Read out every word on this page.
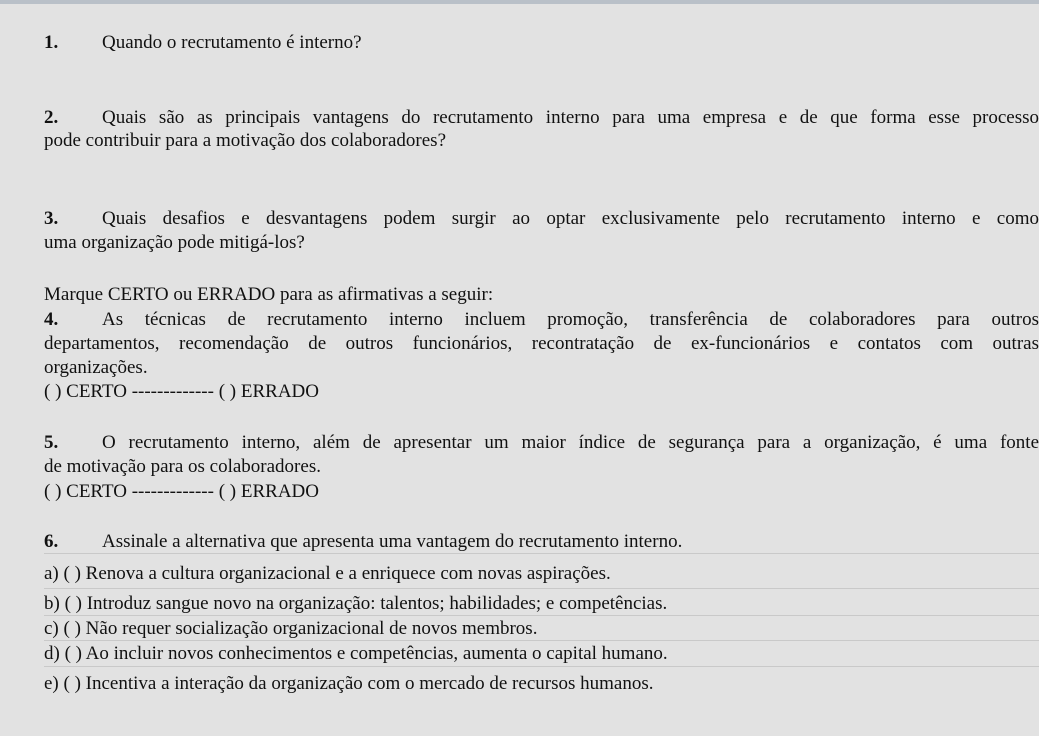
1. Quando o recrutamento é interno?
2. Quais são as principais vantagens do recrutamento interno para uma empresa e de que forma esse processo
pode contribuir para a motivação dos colaboradores?
3. Quais desafios e desvantagens podem surgir ao optar exclusivamente pelo recrutamento interno e como
uma organização pode mitigá-los?
Marque CERTO ou ERRADO para as afirmativas a seguir:
4. As técnicas de recrutamento interno incluem promoção, transferência de colaboradores para outros
departamentos, recomendação de outros funcionários, recontratação de ex-funcionários e contatos com outras
organizações.
( ) CERTO ------------- ( ) ERRADO
5. O recrutamento interno, além de apresentar um maior índice de segurança para a organização, é uma fonte
de motivação para os colaboradores.
( ) CERTO ------------- ( ) ERRADO
6. Assinale a alternativa que apresenta uma vantagem do recrutamento interno.
a) ( ) Renova a cultura organizacional e a enriquece com novas aspirações.
b) ( ) Introduz sangue novo na organização: talentos; habilidades; e competências.
c) ( ) Não requer socialização organizacional de novos membros.
d) ( ) Ao incluir novos conhecimentos e competências, aumenta o capital humano.
e) ( ) Incentiva a interação da organização com o mercado de recursos humanos.
